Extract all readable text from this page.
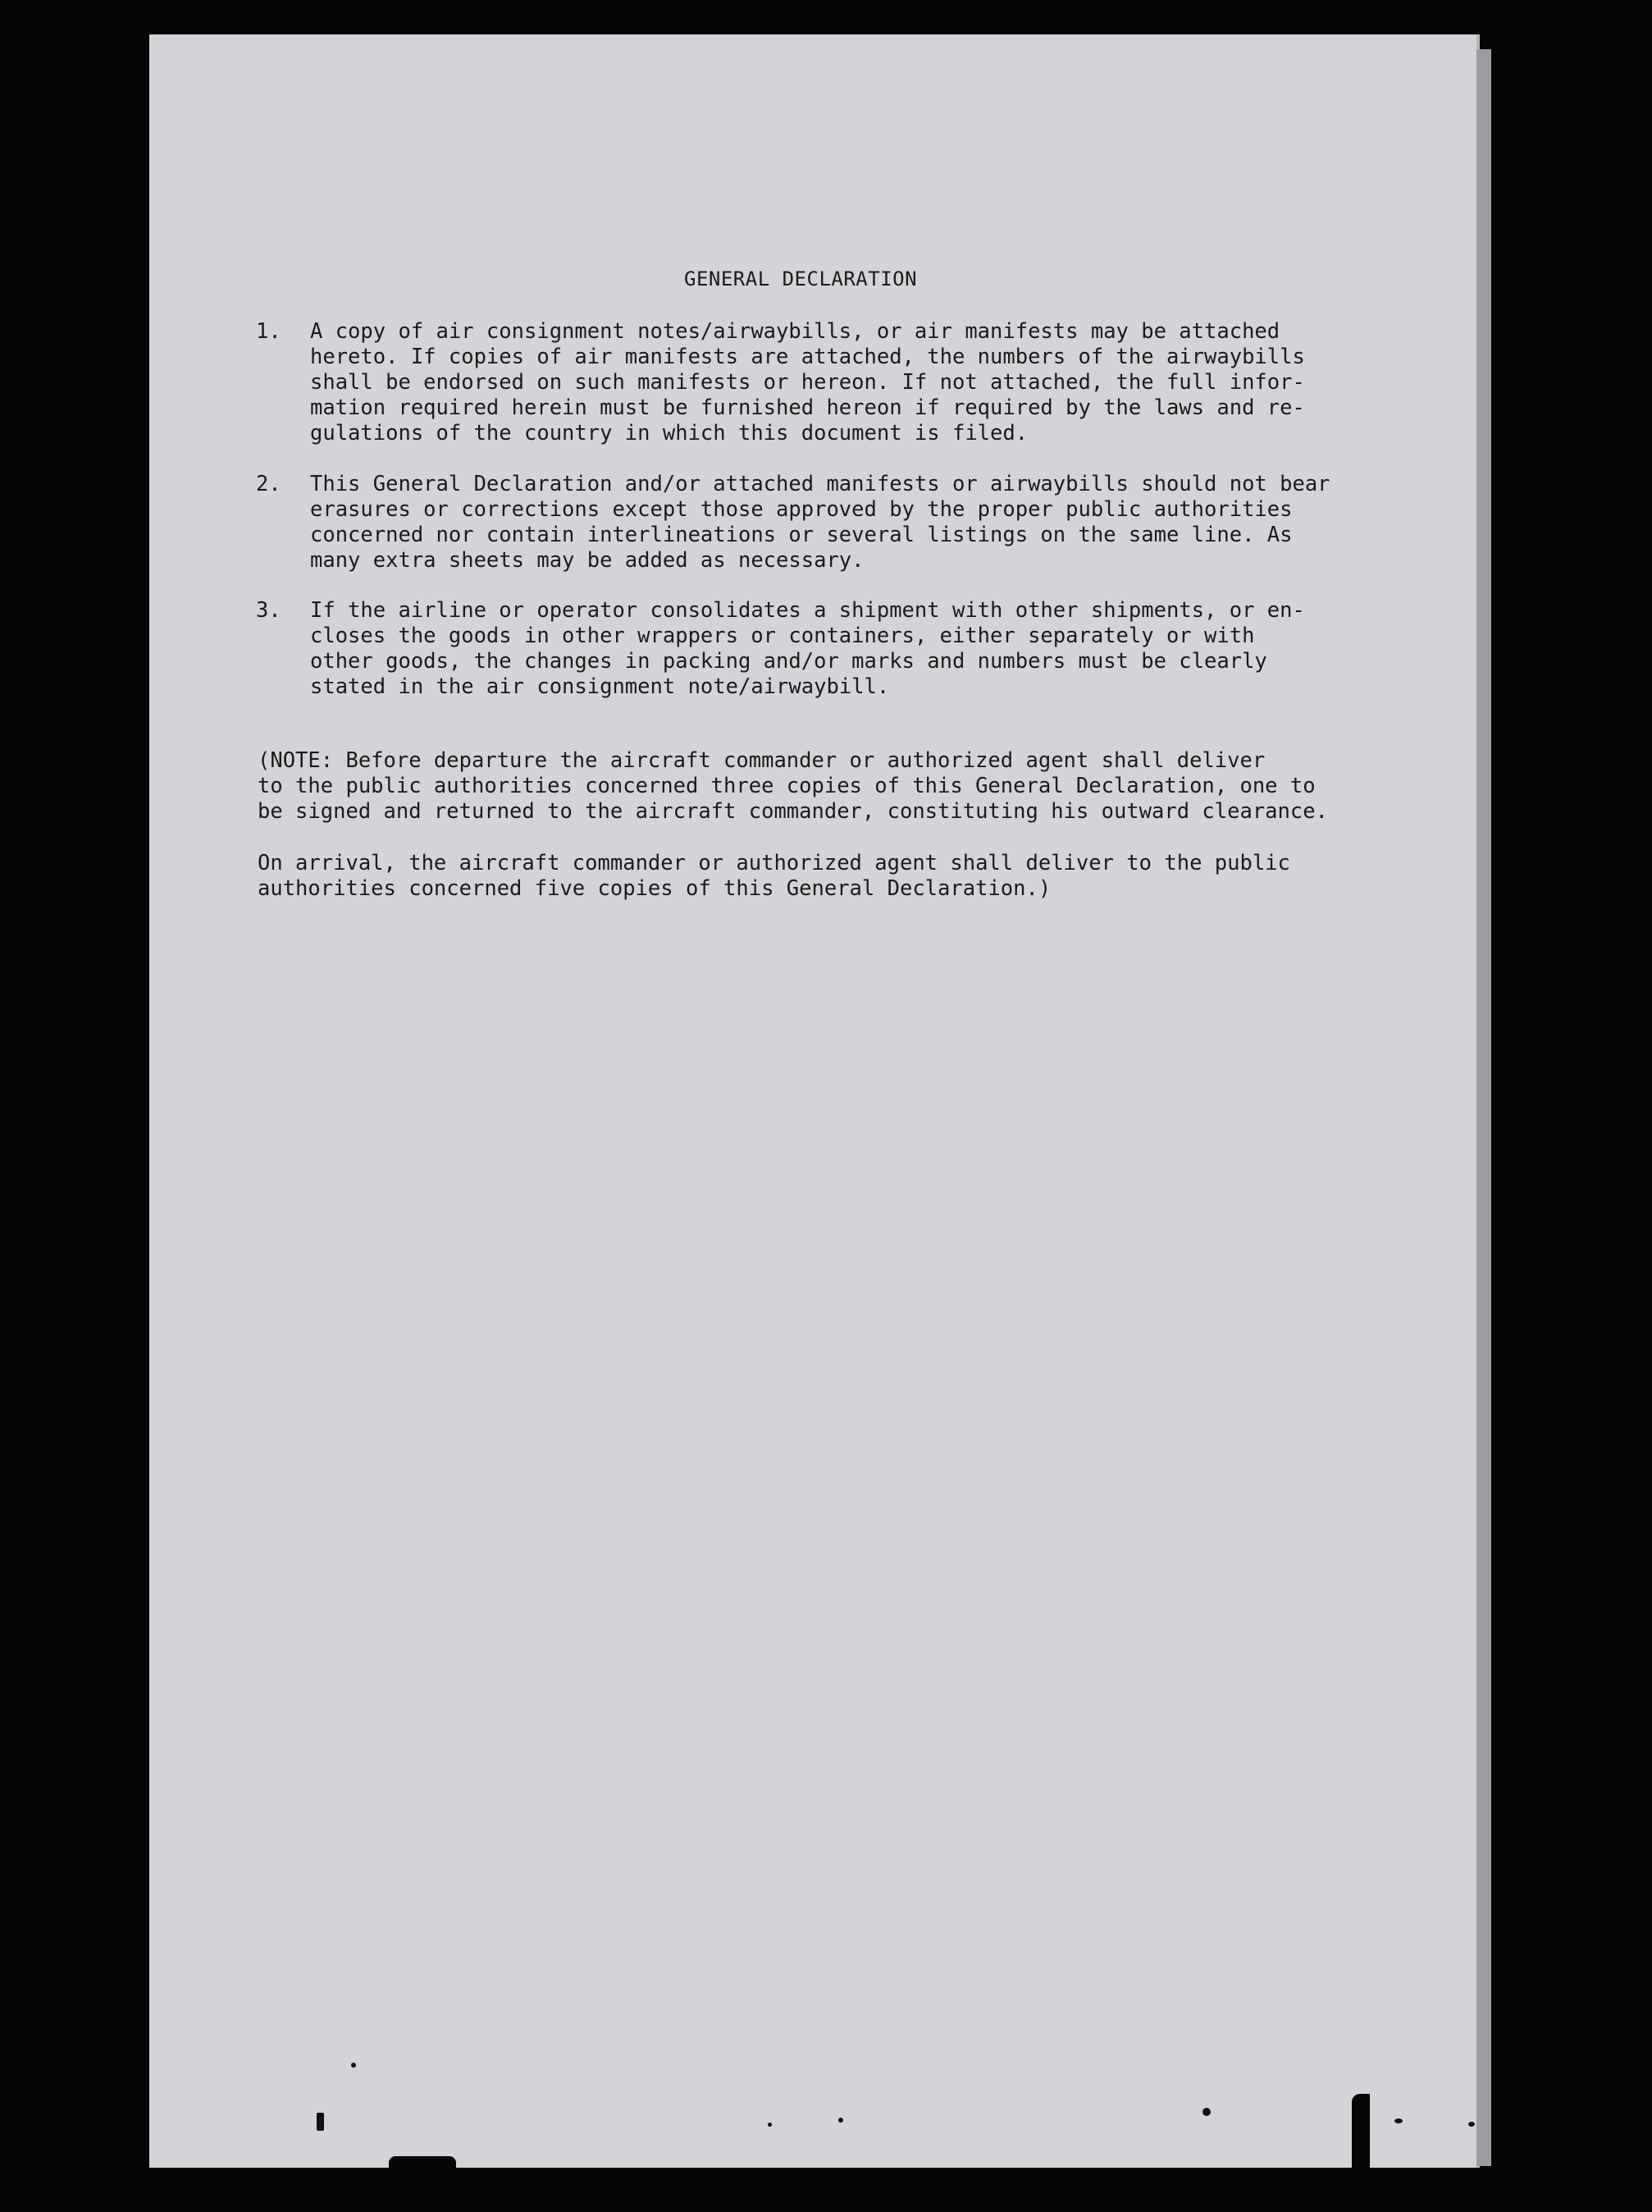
GENERAL DECLARATION
1. A copy of air consignment notes/airwaybills, or air manifests may be attached
hereto. If copies of air manifests are attached, the numbers of the airwaybills
shall be endorsed on such manifests or hereon. If not attached, the full infor-
mation required herein must be furnished hereon if required by the laws and re-
gulations of the country in which this document is filed.
2. This General Declaration and/or attached manifests or airwaybills should not bear
erasures or corrections except those approved by the proper public authorities
concerned nor contain interlineations or several listings on the same line. As
many extra sheets may be added as necessary.
3. If the airline or operator consolidates a shipment with other shipments, or en-
closes the goods in other wrappers or containers, either separately or with
other goods, the changes in packing and/or marks and numbers must be clearly
stated in the air consignment note/airwaybill.
(NOTE: Before departure the aircraft commander or authorized agent shall deliver
to the public authorities concerned three copies of this General Declaration, one to
be signed and returned to the aircraft commander, constituting his outward clearance.
On arrival, the aircraft commander or authorized agent shall deliver to the public
authorities concerned five copies of this General Declaration.)
